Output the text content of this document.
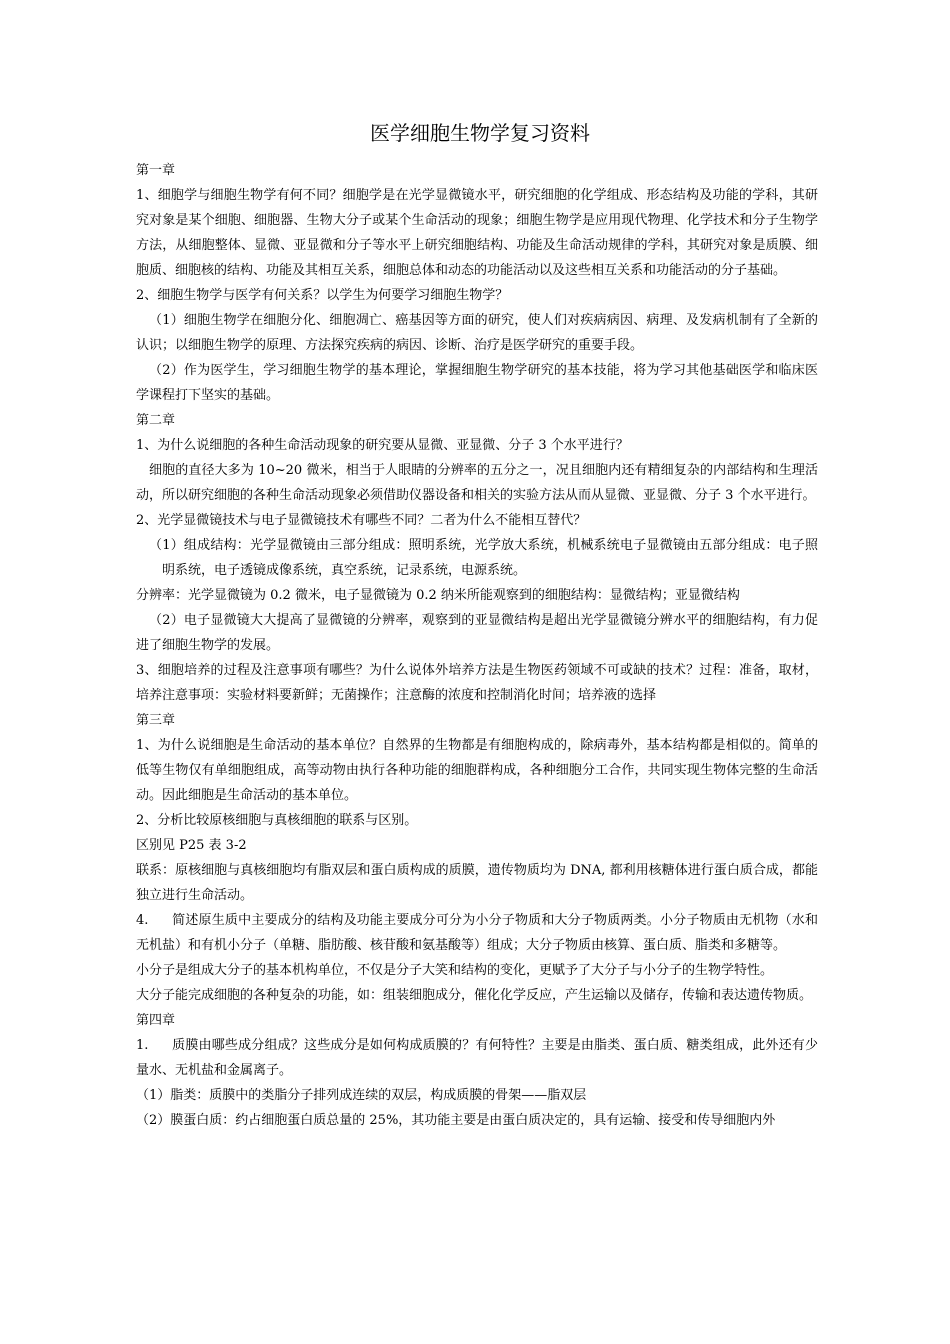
医学细胞生物学复习资料

第一章

1、细胞学与细胞生物学有何不同？细胞学是在光学显微镜水平，研究细胞的化学组成、形态结构及功能的学科，其研究对象是某个细胞、细胞器、生物大分子或某个生命活动的现象；细胞生物学是应用现代物理、化学技术和分子生物学方法，从细胞整体、显微、亚显微和分子等水平上研究细胞结构、功能及生命活动规律的学科，其研究对象是质膜、细胞质、细胞核的结构、功能及其相互关系，细胞总体和动态的功能活动以及这些相互关系和功能活动的分子基础。

2、细胞生物学与医学有何关系？以学生为何要学习细胞生物学？

（1）细胞生物学在细胞分化、细胞凋亡、癌基因等方面的研究，使人们对疾病病因、病理、及发病机制有了全新的认识；以细胞生物学的原理、方法探究疾病的病因、诊断、治疗是医学研究的重要手段。

（2）作为医学生，学习细胞生物学的基本理论，掌握细胞生物学研究的基本技能，将为学习其他基础医学和临床医学课程打下坚实的基础。

第二章

1、为什么说细胞的各种生命活动现象的研究要从显微、亚显微、分子 3 个水平进行？

细胞的直径大多为 10~20 微米，相当于人眼睛的分辨率的五分之一，况且细胞内还有精细复杂的内部结构和生理活动，所以研究细胞的各种生命活动现象必须借助仪器设备和相关的实验方法从而从显微、亚显微、分子 3 个水平进行。

2、光学显微镜技术与电子显微镜技术有哪些不同？二者为什么不能相互替代？

（1）组成结构：光学显微镜由三部分组成：照明系统，光学放大系统，机械系统电子显微镜由五部分组成：电子照明系统，电子透镜成像系统，真空系统，记录系统，电源系统。

分辨率：光学显微镜为 0.2 微米，电子显微镜为 0.2 纳米所能观察到的细胞结构：显微结构；亚显微结构

（2）电子显微镜大大提高了显微镜的分辨率，观察到的亚显微结构是超出光学显微镜分辨水平的细胞结构，有力促进了细胞生物学的发展。

3、细胞培养的过程及注意事项有哪些？为什么说体外培养方法是生物医药领域不可或缺的技术？过程：准备，取材，培养注意事项：实验材料要新鲜；无菌操作；注意酶的浓度和控制消化时间；培养液的选择

第三章

1、为什么说细胞是生命活动的基本单位？自然界的生物都是有细胞构成的，除病毒外，基本结构都是相似的。简单的低等生物仅有单细胞组成，高等动物由执行各种功能的细胞群构成，各种细胞分工合作，共同实现生物体完整的生命活动。因此细胞是生命活动的基本单位。

2、分析比较原核细胞与真核细胞的联系与区别。

区别见 P25 表 3-2

联系：原核细胞与真核细胞均有脂双层和蛋白质构成的质膜，遗传物质均为 DNA, 都利用核糖体进行蛋白质合成，都能独立进行生命活动。

4. 简述原生质中主要成分的结构及功能主要成分可分为小分子物质和大分子物质两类。小分子物质由无机物（水和无机盐）和有机小分子（单糖、脂肪酸、核苷酸和氨基酸等）组成；大分子物质由核算、蛋白质、脂类和多糖等。

小分子是组成大分子的基本机构单位，不仅是分子大笑和结构的变化，更赋予了大分子与小分子的生物学特性。

大分子能完成细胞的各种复杂的功能，如：组装细胞成分，催化化学反应，产生运输以及储存，传输和表达遗传物质。

第四章

1. 质膜由哪些成分组成？这些成分是如何构成质膜的？有何特性？主要是由脂类、蛋白质、糖类组成，此外还有少量水、无机盐和金属离子。

（1）脂类：质膜中的类脂分子排列成连续的双层，构成质膜的骨架——脂双层

（2）膜蛋白质：约占细胞蛋白质总量的 25%，其功能主要是由蛋白质决定的，具有运输、接受和传导细胞内外
